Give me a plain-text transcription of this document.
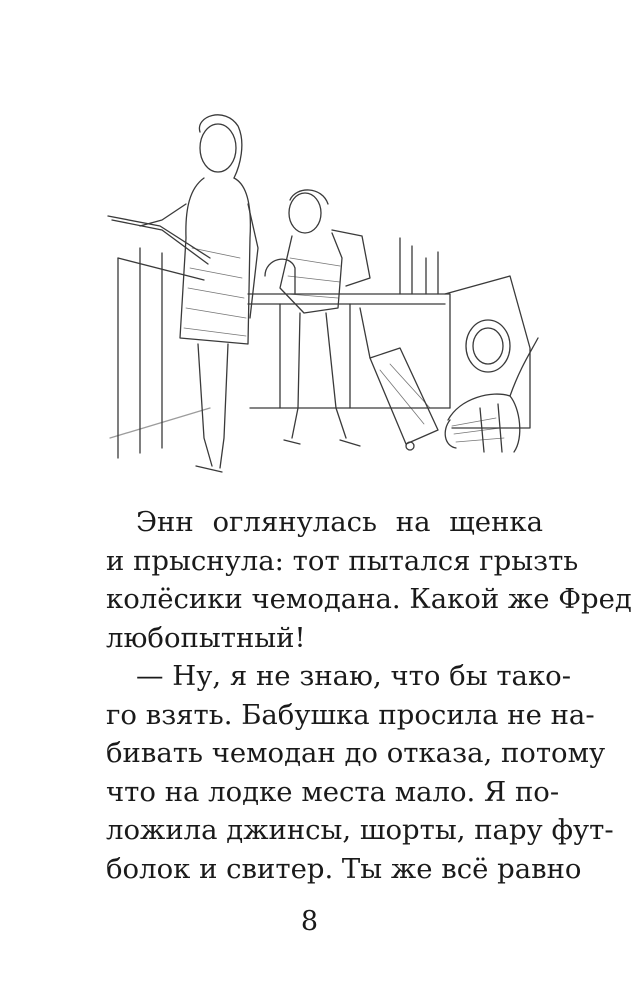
Энн оглянулась на щенка
и прыснула: тот пытался грызть
колёсики чемодана. Какой же Фред
любопытный!
— Ну, я не знаю, что бы тако-
го взять. Бабушка просила не на-
бивать чемодан до отказа, потому
что на лодке места мало. Я по-
ложила джинсы, шорты, пару фут-
болок и свитер. Ты же всё равно
8
